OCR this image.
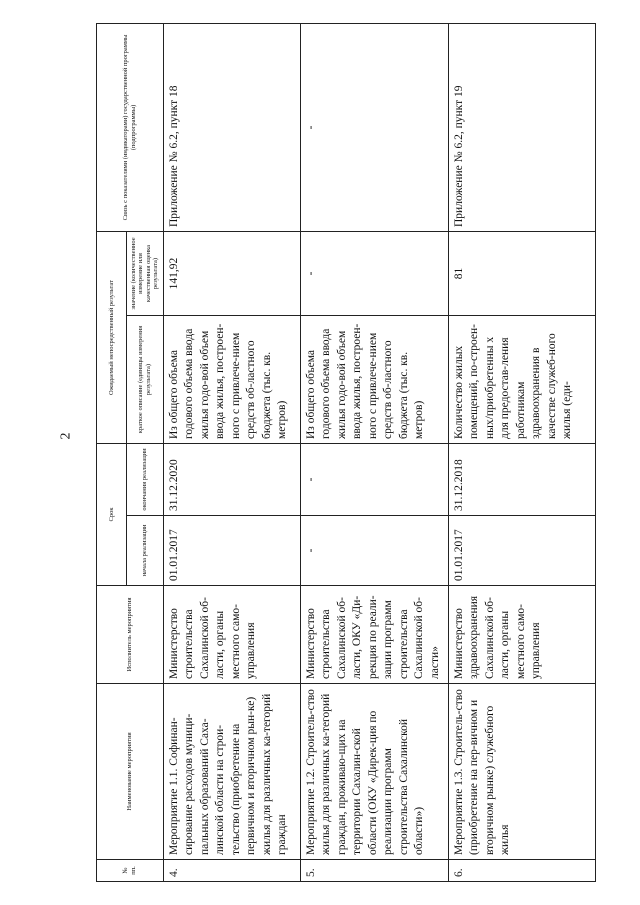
2
№ пп.	Наименование мероприятия	Исполнитель мероприятия	Срок		Ожидаемый непосредственный результат		Связь с показателями (индикаторами) государственной программы (подпрограммы)
			начала реализации	окончания реализации	краткое описание (единицы измерения результата)	значение (количественное измерение или качественная оценка результата)	
4.	Мероприятие 1.1. Софинан-сирование расходов муници-пальных образований Саха-линской области на строи-тельство (приобретение на первичном и вторичном рын-ке) жилья для различных ка-тегорий граждан	Министерство строительства Сахалинской об-ласти, органы местного само-управления	01.01.2017	31.12.2020	Из общего объема годового объема ввода жилья годо-вой объем ввода жилья, построен-ного с привлече-нием средств об-ластного бюджета (тыс. кв. метров)	141,92	Приложение № 6.2, пункт 18
5.	Мероприятие 1.2. Строитель-ство жилья для различных ка-тегорий граждан, проживаю-щих на территории Сахалин-ской области (ОКУ «Дирек-ция по реализации программ строительства Сахалинской области»)	Министерство строительства Сахалинской об-ласти, ОКУ «Ди-рекция по реали-зации программ строительства Сахалинской об-ласти»	-	-	Из общего объема годового объема ввода жилья годо-вой объем ввода жилья, построен-ного с привлече-нием средств об-ластного бюджета (тыс. кв. метров)	-	-
6.	Мероприятие 1.3. Строитель-ство (приобретение на пер-вичном и вторичном рынке) служебного жилья	Министерство здравоохранения Сахалинской об-ласти, органы местного само-управления	01.01.2017	31.12.2018	Количество жилых помещений, по-строен-ных/приобретенны х для предостав-ления работникам здравоохранения в качестве служеб-ного жилья (еди-	81	Приложение № 6.2, пункт 19
